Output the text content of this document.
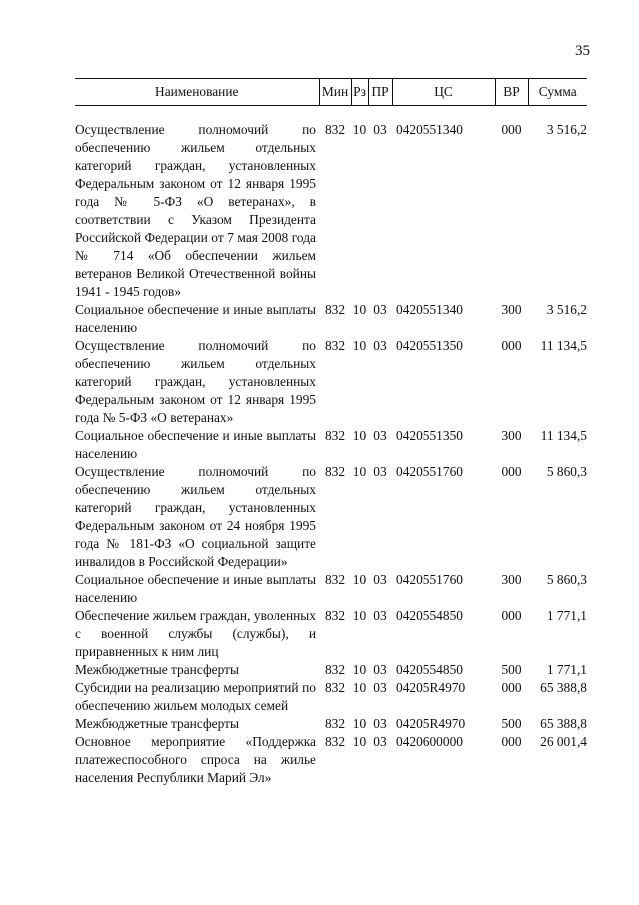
35
Наименование	Мин	Рз	ПР	ЦС	ВР	Сумма

Осуществление полномочий по обеспечению жильем отдельных категорий граждан, установленных Федеральным законом от 12 января 1995 года № 5-ФЗ «О ветеранах», в соответствии с Указом Президента Российской Федерации от 7 мая 2008 года № 714 «Об обеспечении жильем ветеранов Великой Отечественной войны 1941 - 1945 годов»	832	10	03	0420551340	000	3 516,2
Социальное обеспечение и иные выплаты населению	832	10	03	0420551340	300	3 516,2
Осуществление полномочий по обеспечению жильем отдельных категорий граждан, установленных Федеральным законом от 12 января 1995 года № 5-ФЗ «О ветеранах»	832	10	03	0420551350	000	11 134,5
Социальное обеспечение и иные выплаты населению	832	10	03	0420551350	300	11 134,5
Осуществление полномочий по обеспечению жильем отдельных категорий граждан, установленных Федеральным законом от 24 ноября 1995 года № 181-ФЗ «О социальной защите инвалидов в Российской Федерации»	832	10	03	0420551760	000	5 860,3
Социальное обеспечение и иные выплаты населению	832	10	03	0420551760	300	5 860,3
Обеспечение жильем граждан, уволенных с военной службы (службы), и приравненных к ним лиц	832	10	03	0420554850	000	1 771,1
Межбюджетные трансферты	832	10	03	0420554850	500	1 771,1
Субсидии на реализацию мероприятий по обеспечению жильем молодых семей	832	10	03	04205R4970	000	65 388,8
Межбюджетные трансферты	832	10	03	04205R4970	500	65 388,8
Основное мероприятие «Поддержка платежеспособного спроса на жилье населения Республики Марий Эл»	832	10	03	0420600000	000	26 001,4
